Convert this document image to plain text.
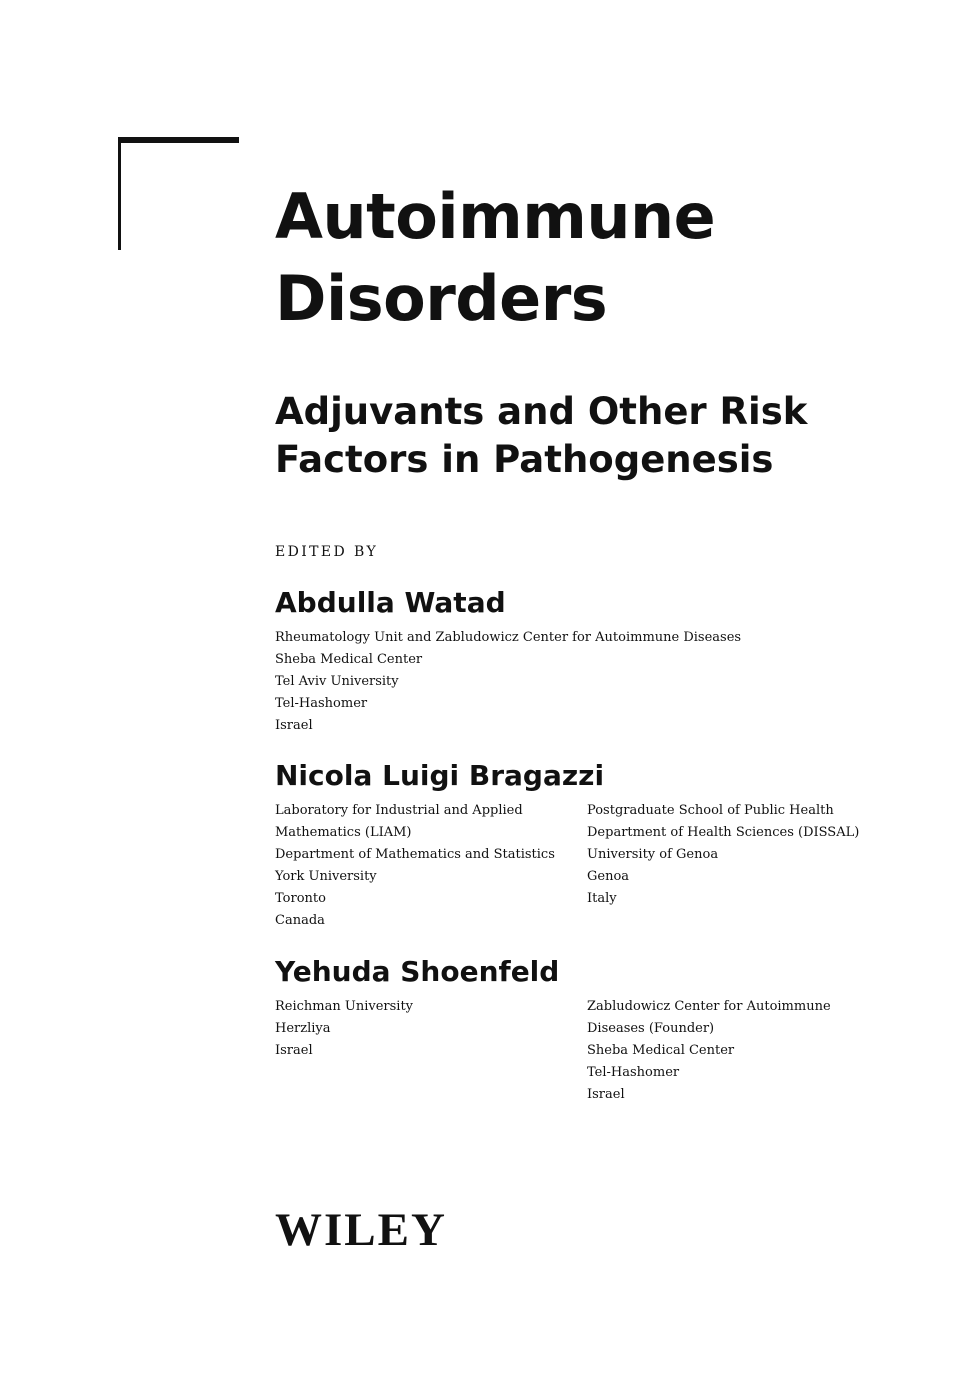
Autoimmune
Disorders
Adjuvants and Other Risk
Factors in Pathogenesis
EDITED BY
Abdulla Watad
Rheumatology Unit and Zabludowicz Center for Autoimmune Diseases
Sheba Medical Center
Tel Aviv University
Tel-Hashomer
Israel
Nicola Luigi Bragazzi
Laboratory for Industrial and Applied
Mathematics (LIAM)
Department of Mathematics and Statistics
York University
Toronto
Canada
Postgraduate School of Public Health
Department of Health Sciences (DISSAL)
University of Genoa
Genoa
Italy
Yehuda Shoenfeld
Reichman University
Herzliya
Israel
Zabludowicz Center for Autoimmune
Diseases (Founder)
Sheba Medical Center
Tel-Hashomer
Israel
WILEY
